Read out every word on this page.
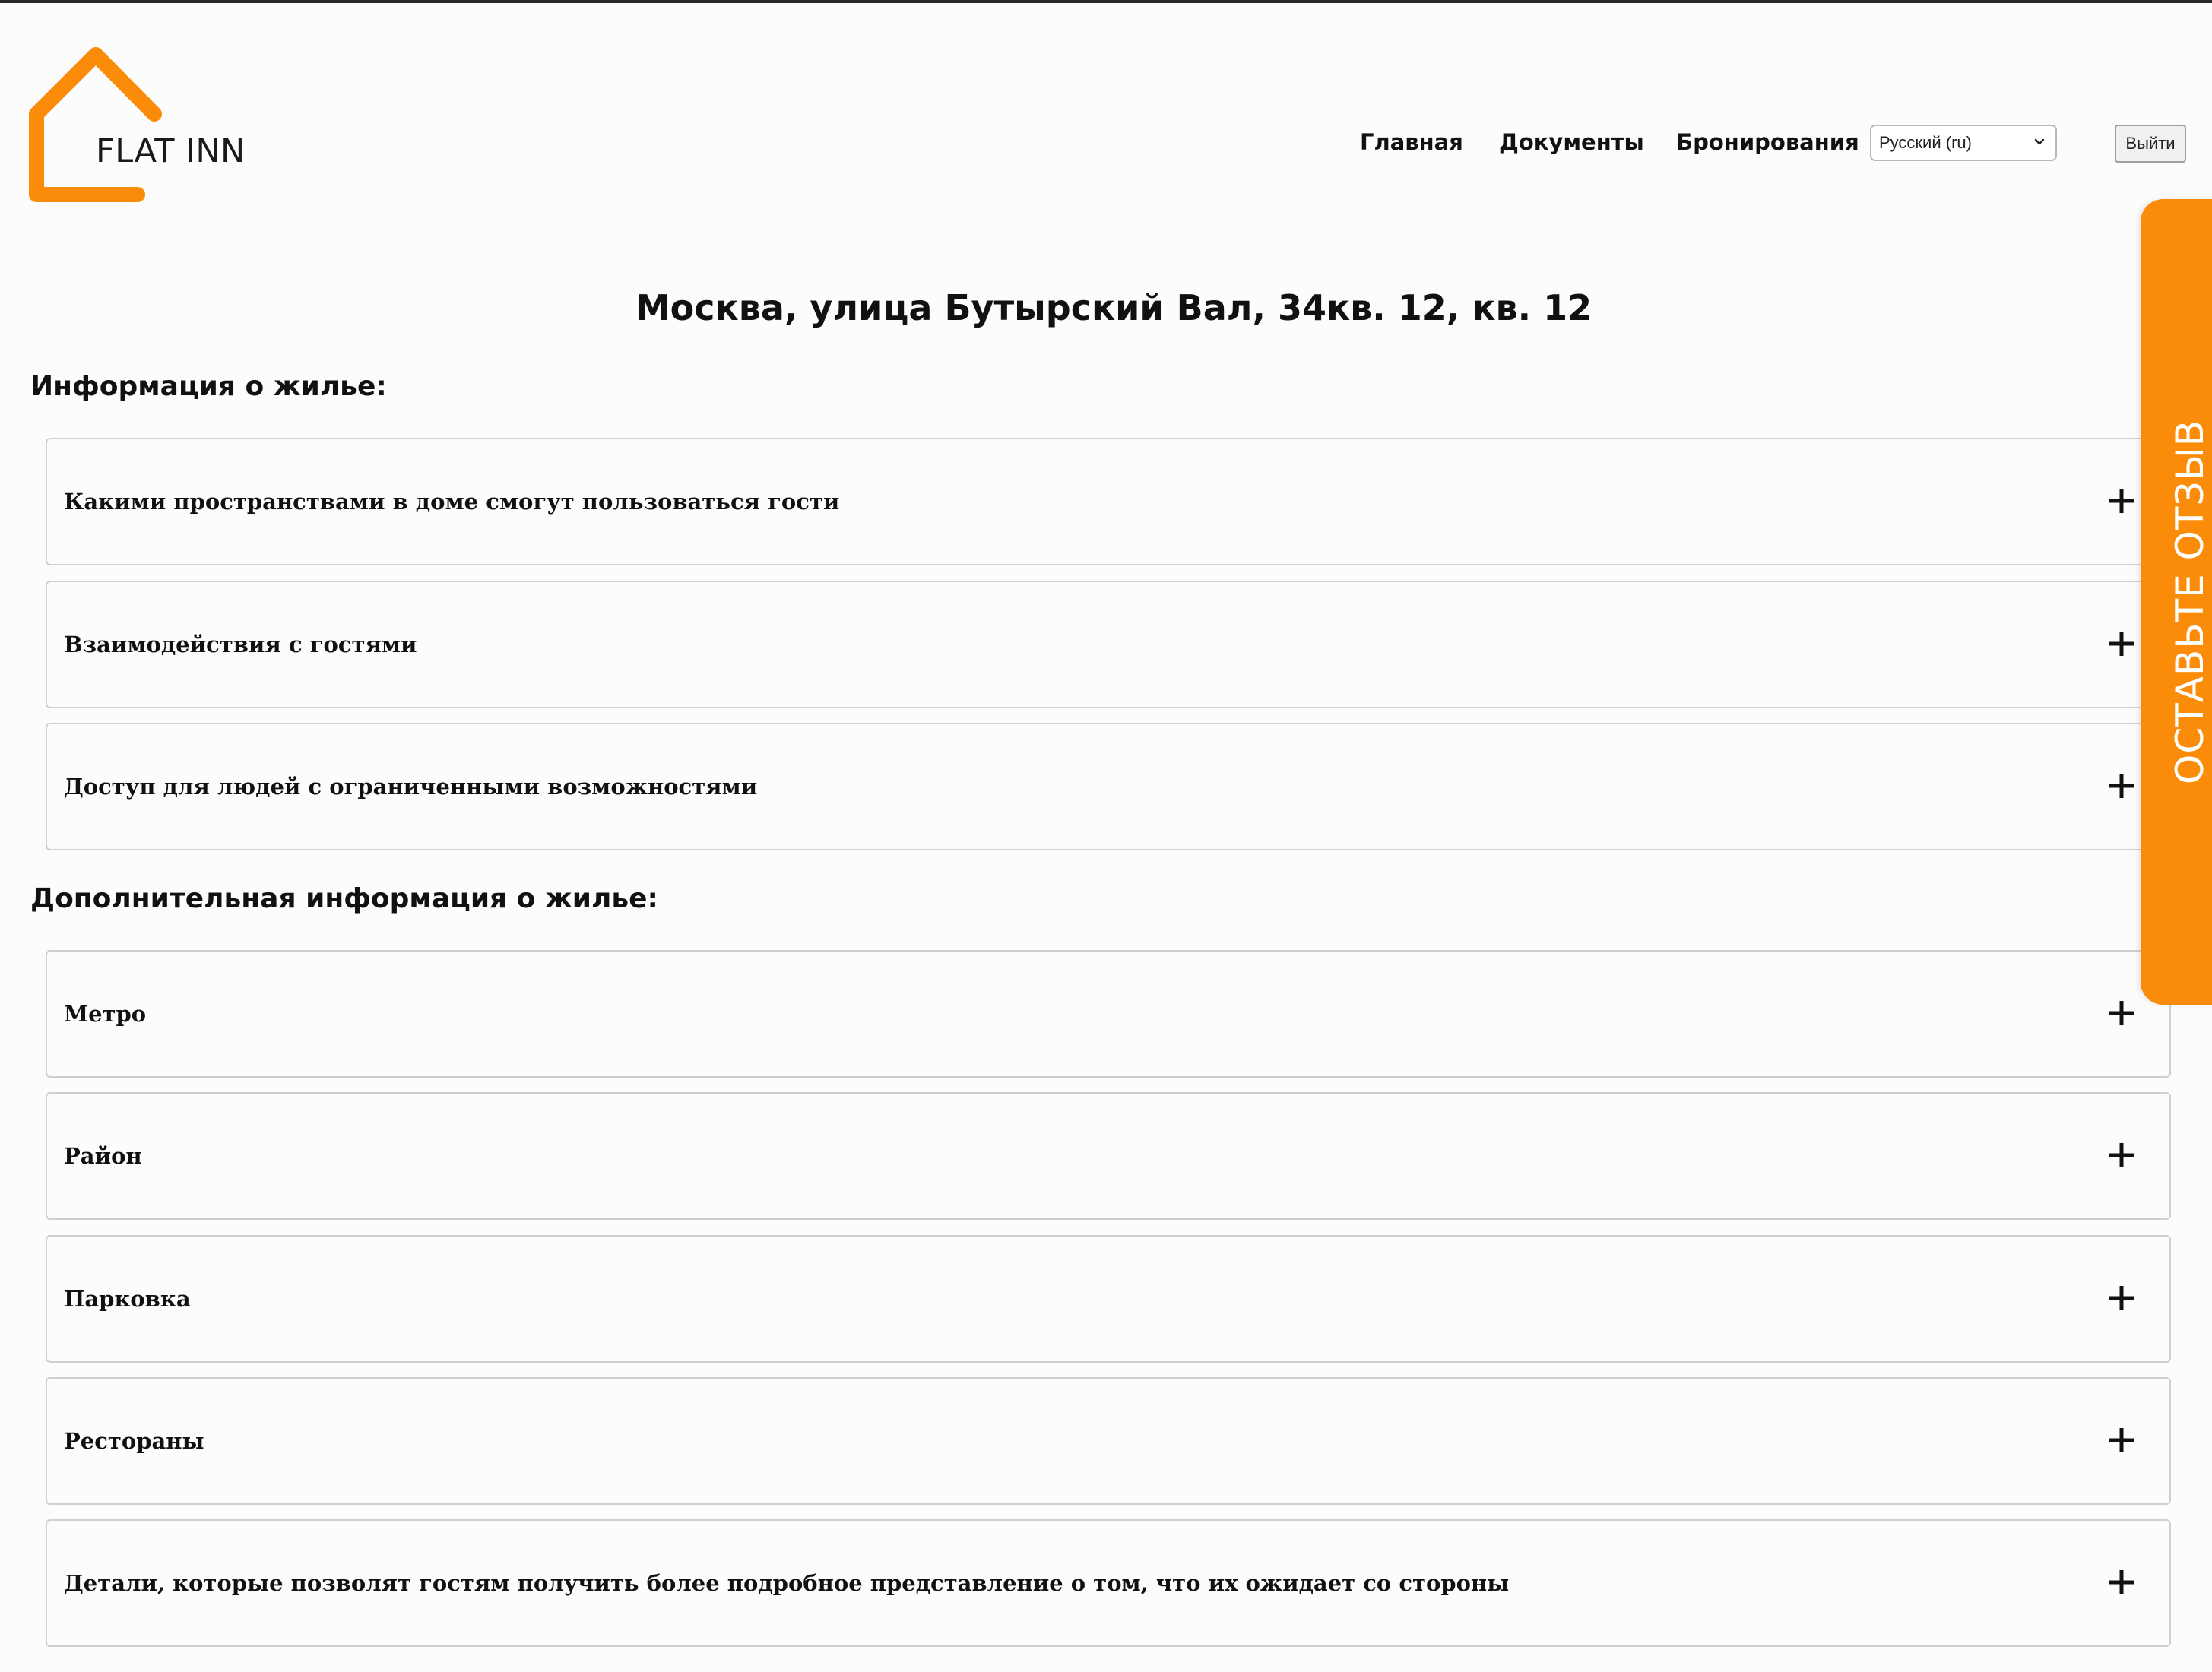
FLAT INN	Главная Документы Бронирования Русский (ru)	Выйти
Москва, улица Бутырский Вал, 34кв. 12, кв. 12
Информация о жилье:
Какими пространствами в доме смогут пользоваться гости
Взаимодействия с гостями
Доступ для людей с ограниченными возможностями
Дополнительная информация о жилье:
Метро
Район
Парковка
Рестораны
Детали, которые позволят гостям получить более подробное представление о том, что их ожидает со стороны
ОСТАВЬТЕ ОТЗЫВ
